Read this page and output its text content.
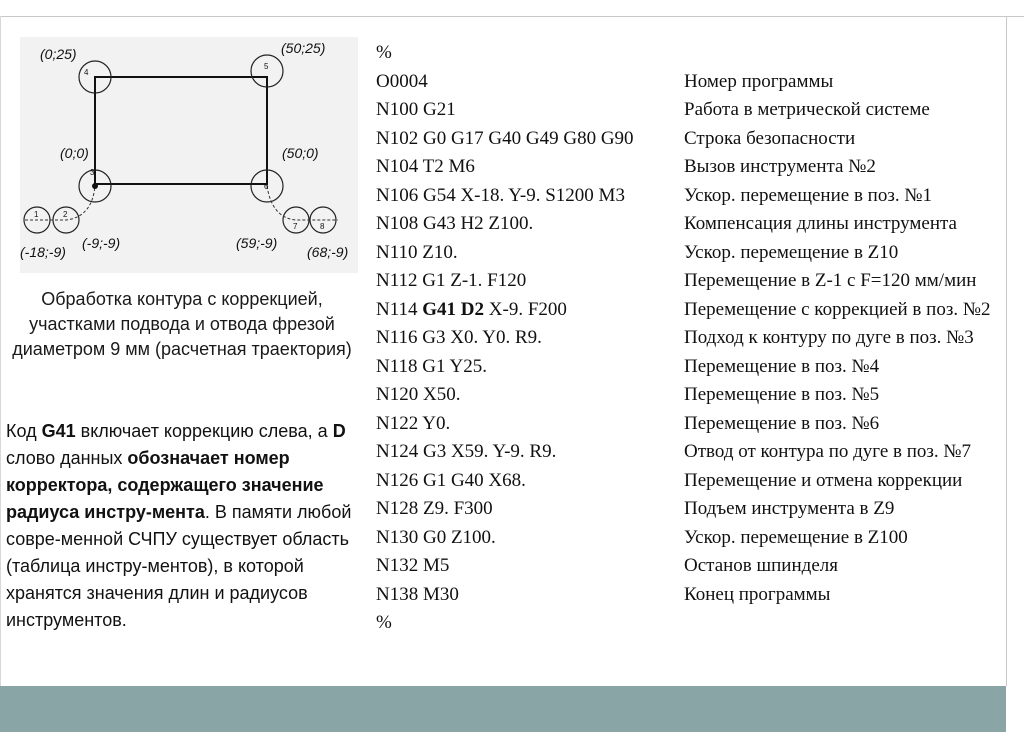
4
5
3
6
1	2
7	8
(0;25)	(50;25)
(0;0)	(50;0)
(-18;-9)
(-9;-9)	(59;-9)
(68;-9)
Обработка контура с коррекцией, участками подвода и отвода фрезой диаметром 9 мм (расчетная траектория)
Код G41 включает коррекцию слева, а D слово данных обозначает номер корректора, содержащего значение радиуса инстру-мента. В памяти любой совре-менной СЧПУ существует область (таблица инстру-ментов), в которой хранятся значения длин и радиусов инструментов.
%
O0004	Номер программы
N100 G21	Работа в метрической системе
N102 G0 G17 G40 G49 G80 G90	Строка безопасности
N104 T2 M6	Вызов инструмента №2
N106 G54 X-18. Y-9. S1200 M3	Ускор. перемещение в поз. №1
N108 G43 H2 Z100.	Компенсация длины инструмента
N110 Z10.	Ускор. перемещение в Z10
N112 G1 Z-1. F120	Перемещение в Z-1 с F=120 мм/мин
N114 G41 D2 X-9. F200	Перемещение с коррекцией в поз. №2
N116 G3 X0. Y0. R9.	Подход к контуру по дуге в поз. №3
N118 G1 Y25.	Перемещение в поз. №4
N120 X50.	Перемещение в поз. №5
N122 Y0.	Перемещение в поз. №6
N124 G3 X59. Y-9. R9.	Отвод от контура по дуге в поз. №7
N126 G1 G40 X68.	Перемещение и отмена коррекции
N128 Z9. F300	Подъем инструмента в Z9
N130 G0 Z100.	Ускор. перемещение в Z100
N132 M5	Останов шпинделя
N138 M30	Конец программы
%
